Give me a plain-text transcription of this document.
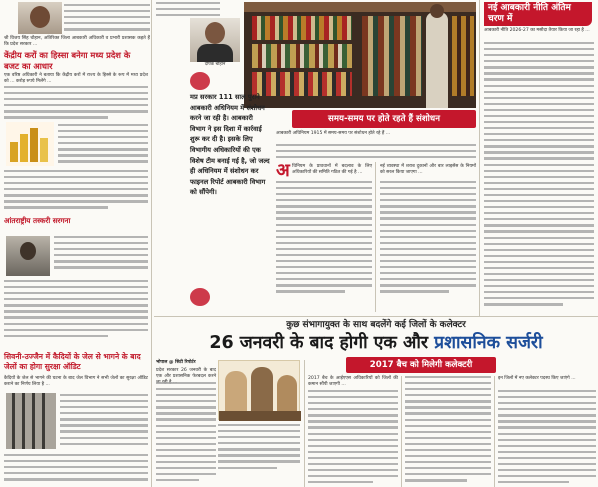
श्री विजय सिंह चौहान, अतिरिक्त जिला आबकारी अधिकारी व प्रभारी प्रशासक कहते हैं कि प्रदेश सरकार ...
केंद्रीय करों का हिस्सा बनेगा मध्य प्रदेश के बजट का आधार
एक वरिष्ठ अधिकारी ने बताया कि केंद्रीय करों में राज्य के हिस्से के रूप में मध्य प्रदेश को ... करोड़ रुपये मिलेंगे ...
आंतराष्ट्रीय तस्करी सरगना
सिवनी-उज्जैन में कैदियों के जेल से भागने के बाद जेलों का होगा सुरक्षा ऑडिट
कैदियों के जेल से भागने की घटना के बाद जेल विभाग ने सभी जेलों का सुरक्षा ऑडिट कराने का निर्णय लिया है ...
दीपक चौहान
मप्र सरकार 111 साल पुराने आबकारी अधिनियम में संशोधन करने जा रही है। आबकारी विभाग ने इस दिशा में कार्रवाई शुरू कर दी है। इसके लिए विभागीय अधिकारियों की एक विशेष टीम बनाई गई है, जो जल्द ही अधिनियम में संशोधन कर फाइनल रिपोर्ट आबकारी विभाग को सौंपेगी।
समय-समय पर होते रहते हैं संशोधन
आबकारी अधिनियम 1915 में समय-समय पर संशोधन होते रहे हैं ...
अ धिनियम के प्रावधानों में बदलाव के लिए अधिकारियों की समिति गठित की गई है ...
नई व्यवस्था में शराब दुकानों और बार लाइसेंस के नियमों को सरल किया जाएगा ...
नई आबकारी नीति अंतिम चरण में
आबकारी नीति 2026-27 का मसौदा तैयार किया जा रहा है ...
कुछ संभागायुक्त के साथ बदलेंगे कई जिलों के कलेक्टर
26 जनवरी के बाद होगी एक और प्रशासनिक सर्जरी
भोपाल @ सिटी रिपोर्टर
प्रदेश सरकार 26 जनवरी के बाद एक और प्रशासनिक फेरबदल करने
2017 बैच को मिलेगी कलेक्टरी
2017 बैच के आईएएस अधिकारियों को जिलों की कमान सौंपी जाएगी ...
इन जिलों में नए कलेक्टर पदस्थ किए जाएंगे ...
